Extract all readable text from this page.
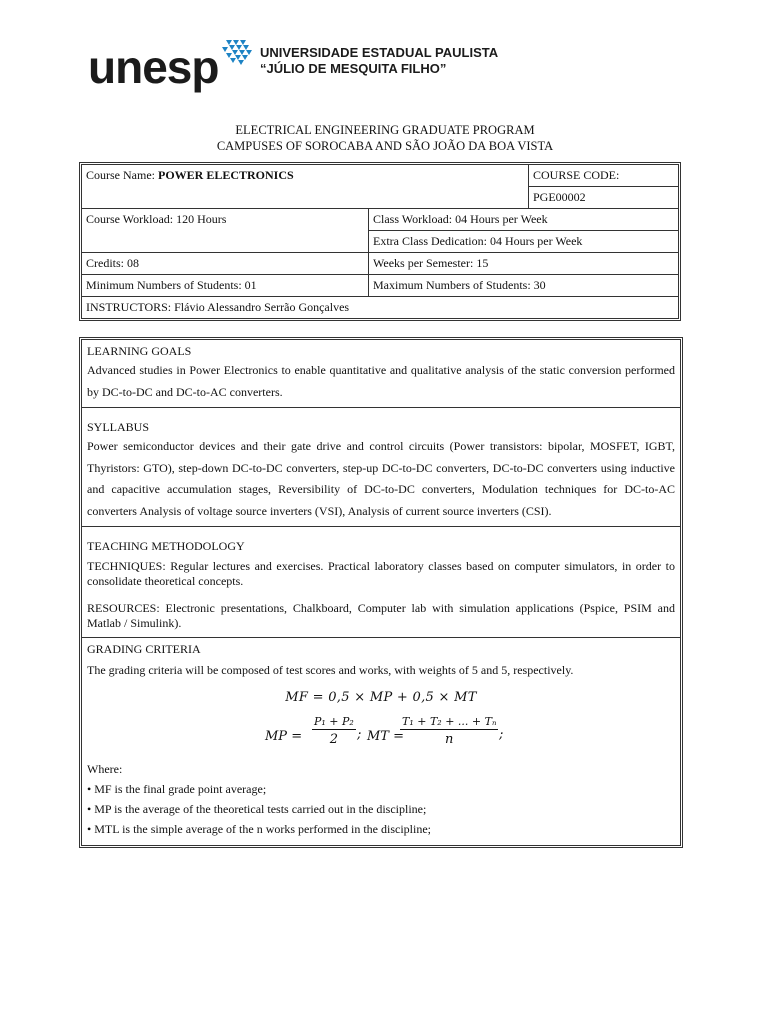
unesp	UNIVERSIDADE ESTADUAL PAULISTA
“JÚLIO DE MESQUITA FILHO”
ELECTRICAL ENGINEERING GRADUATE PROGRAM
CAMPUSES OF SOROCABA AND SÃO JOÃO DA BOA VISTA
Course Name: POWER ELECTRONICS		COURSE CODE:
		PGE00002
Course Workload: 120 Hours	Class Workload: 04 Hours per Week	
	Extra Class Dedication: 04 Hours per Week	
Credits: 08	Weeks per Semester: 15	
Minimum Numbers of Students: 01	Maximum Numbers of Students: 30	
INSTRUCTORS: Flávio Alessandro Serrão Gonçalves		
LEARNING GOALS
Advanced studies in Power Electronics to enable quantitative and qualitative analysis of the static conversion performed by DC-to-DC and DC-to-AC converters.
SYLLABUS
Power semiconductor devices and their gate drive and control circuits (Power transistors: bipolar, MOSFET, IGBT, Thyristors: GTO), step-down DC-to-DC converters, step-up DC-to-DC converters, DC-to-DC converters using inductive and capacitive accumulation stages, Reversibility of DC-to-DC converters, Modulation techniques for DC-to-AC converters Analysis of voltage source inverters (VSI), Analysis of current source inverters (CSI).
TEACHING METHODOLOGY
TECHNIQUES: Regular lectures and exercises. Practical laboratory classes based on computer simulators, in order to consolidate theoretical concepts.
RESOURCES: Electronic presentations, Chalkboard, Computer lab with simulation applications (Pspice, PSIM and Matlab / Simulink).
GRADING CRITERIA
The grading criteria will be composed of test scores and works, with weights of 5 and 5, respectively.
MF = 0,5 × MP + 0,5 × MT
MP =
P₁ + P₂
2	; MT =
T₁ + T₂ + ... + Tₙ
n	;
Where:
• MF is the final grade point average;
• MP is the average of the theoretical tests carried out in the discipline;
• MTL is the simple average of the n works performed in the discipline;
